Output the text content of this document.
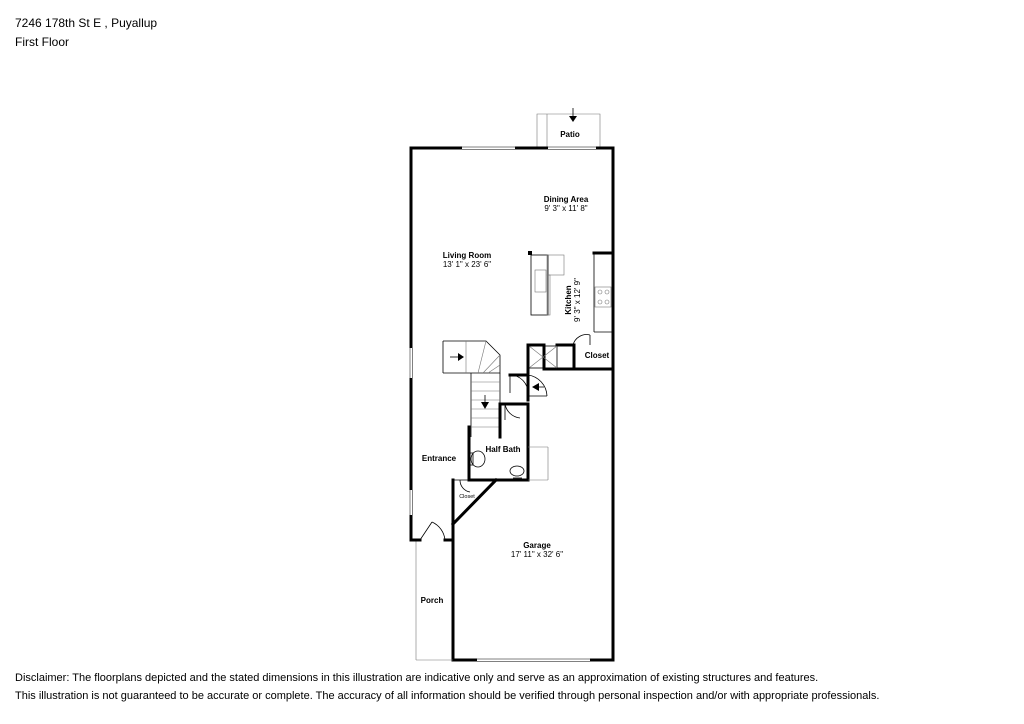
7246 178th St E , Puyallup
First Floor
Patio
Dining Area
9' 3" x 11' 8"
Living Room
13' 1" x 23' 6"
Kitchen 9' 3" x 12' 9"
Closet
Entrance
Half Bath
Closet
Garage
17' 11" x 32' 6"
Porch
Disclaimer: The floorplans depicted and the stated dimensions in this illustration are indicative only and serve as an approximation of existing structures and features.
This illustration is not guaranteed to be accurate or complete. The accuracy of all information should be verified through personal inspection and/or with appropriate professionals.
